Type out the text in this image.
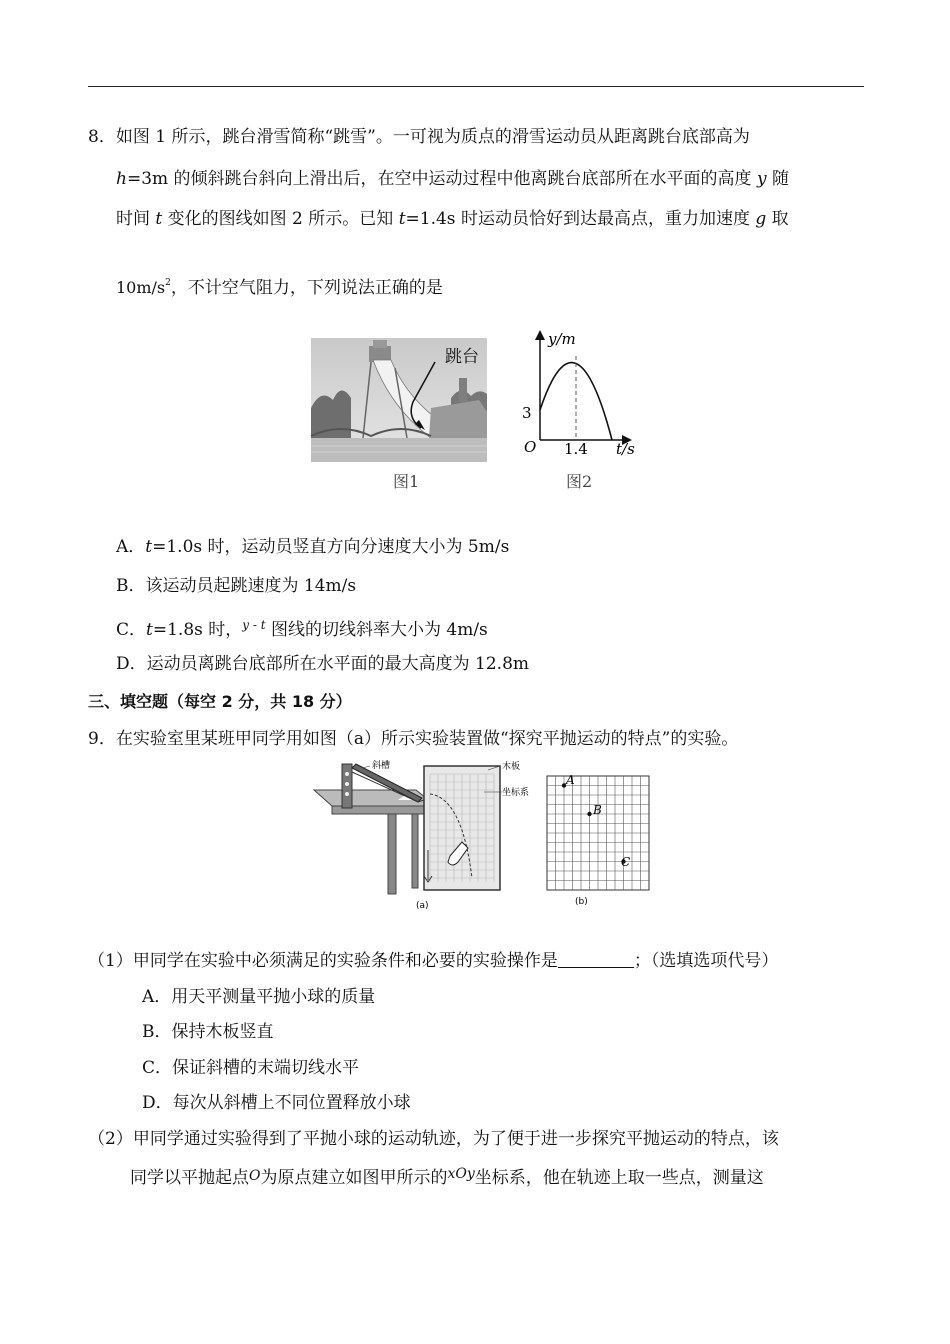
8．如图 1 所示，跳台滑雪简称“跳雪”。一可视为质点的滑雪运动员从距离跳台底部高为
h=3m 的倾斜跳台斜向上滑出后，在空中运动过程中他离跳台底部所在水平面的高度 y 随
时间 t 变化的图线如图 2 所示。已知 t=1.4s 时运动员恰好到达最高点，重力加速度 g 取
$10m/s^2$，不计空气阻力，下列说法正确的是
跳台
图1
y/m
t/s
3
O 1.4
图2
A．t=1.0s 时，运动员竖直方向分速度大小为 5m/s
B．该运动员起跳速度为 14m/s
C．t=1.8s 时，$^{y - t}$ 图线的切线斜率大小为 4m/s
D．运动员离跳台底部所在水平面的最大高度为 12.8m
三、填空题（每空 2 分，共 18 分）
9．在实验室里某班甲同学用如图（a）所示实验装置做“探究平抛运动的特点”的实验。
斜槽	木板
坐标系
(a)
A
B
C
(b)
（1）甲同学在实验中必须满足的实验条件和必要的实验操作是	；（选填选项代号）
A．用天平测量平抛小球的质量
B．保持木板竖直
C．保证斜槽的末端切线水平
D．每次从斜槽上不同位置释放小球
（2）甲同学通过实验得到了平抛小球的运动轨迹，为了便于进一步探究平抛运动的特点，该
同学以平抛起点O为原点建立如图甲所示的$^{xOy}$坐标系，他在轨迹上取一些点，测量这
